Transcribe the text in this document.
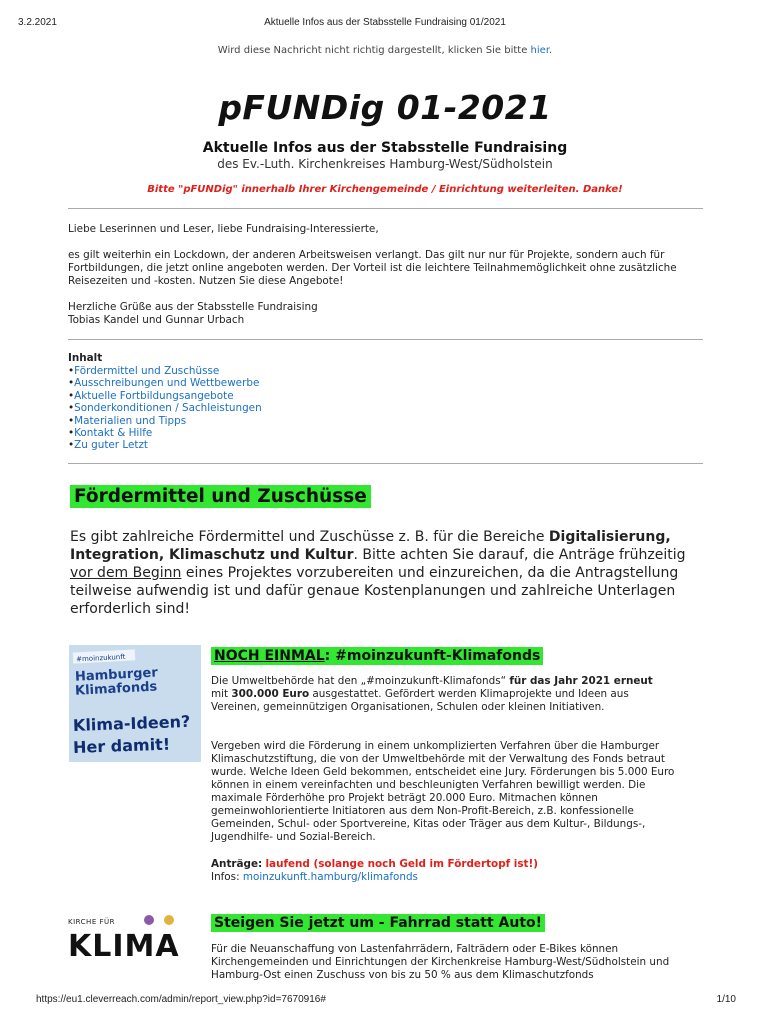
3.2.2021	Aktuelle Infos aus der Stabsstelle Fundraising 01/2021
Wird diese Nachricht nicht richtig dargestellt, klicken Sie bitte hier.
pFUNDig 01-2021
Aktuelle Infos aus der Stabsstelle Fundraising
des Ev.-Luth. Kirchenkreises Hamburg-West/Südholstein
Bitte "pFUNDig" innerhalb Ihrer Kirchengemeinde / Einrichtung weiterleiten. Danke!

Liebe Leserinnen und Leser, liebe Fundraising-Interessierte,

es gilt weiterhin ein Lockdown, der anderen Arbeitsweisen verlangt. Das gilt nur nur für Projekte, sondern auch für Fortbildungen, die jetzt online angeboten werden. Der Vorteil ist die leichtere Teilnahmemöglichkeit ohne zusätzliche Reisezeiten und -kosten. Nutzen Sie diese Angebote!

Herzliche Grüße aus der Stabsstelle Fundraising

Tobias Kandel und Gunnar Urbach

Inhalt
• Fördermittel und Zuschüsse
• Ausschreibungen und Wettbewerbe
• Aktuelle Fortbildungsangebote
• Sonderkonditionen / Sachleistungen
• Materialien und Tipps
• Kontakt & Hilfe
• Zu guter Letzt
Fördermittel und Zuschüsse

Es gibt zahlreiche Fördermittel und Zuschüsse z. B. für die Bereiche Digitalisierung, Integration, Klimaschutz und Kultur. Bitte achten Sie darauf, die Anträge frühzeitig vor dem Beginn eines Projektes vorzubereiten und einzureichen, da die Antragstellung teilweise aufwendig ist und dafür genaue Kostenplanungen und zahlreiche Unterlagen erforderlich sind!

#moinzukunft
Hamburger
Klimafonds
Klima-Ideen?
Her damit!
NOCH EINMAL: #moinzukunft-Klimafonds

Die Umweltbehörde hat den „#moinzukunft-Klimafonds“ für das Jahr 2021 erneut mit 300.000 Euro ausgestattet. Gefördert werden Klimaprojekte und Ideen aus Vereinen, gemeinnützigen Organisationen, Schulen oder kleinen Initiativen.

Vergeben wird die Förderung in einem unkomplizierten Verfahren über die Hamburger Klimaschutzstiftung, die von der Umweltbehörde mit der Verwaltung des Fonds betraut wurde. Welche Ideen Geld bekommen, entscheidet eine Jury. Förderungen bis 5.000 Euro können in einem vereinfachten und beschleunigten Verfahren bewilligt werden. Die maximale Förderhöhe pro Projekt beträgt 20.000 Euro. Mitmachen können gemeinwohlorientierte Initiatoren aus dem Non-Profit-Bereich, z.B. konfessionelle Gemeinden, Schul- oder Sportvereine, Kitas oder Träger aus dem Kultur-, Bildungs-, Jugendhilfe- und Sozial-Bereich.

Anträge: laufend (solange noch Geld im Fördertopf ist!)

Infos: moinzukunft.hamburg/klimafonds

KIRCHE FÜR
KLIMA
Steigen Sie jetzt um - Fahrrad statt Auto!

Für die Neuanschaffung von Lastenfahrrädern, Falträdern oder E-Bikes können Kirchengemeinden und Einrichtungen der Kirchenkreise Hamburg-West/Südholstein und Hamburg-Ost einen Zuschuss von bis zu 50 % aus dem Klimaschutzfonds

https://eu1.cleverreach.com/admin/report_view.php?id=7670916#	1/10
